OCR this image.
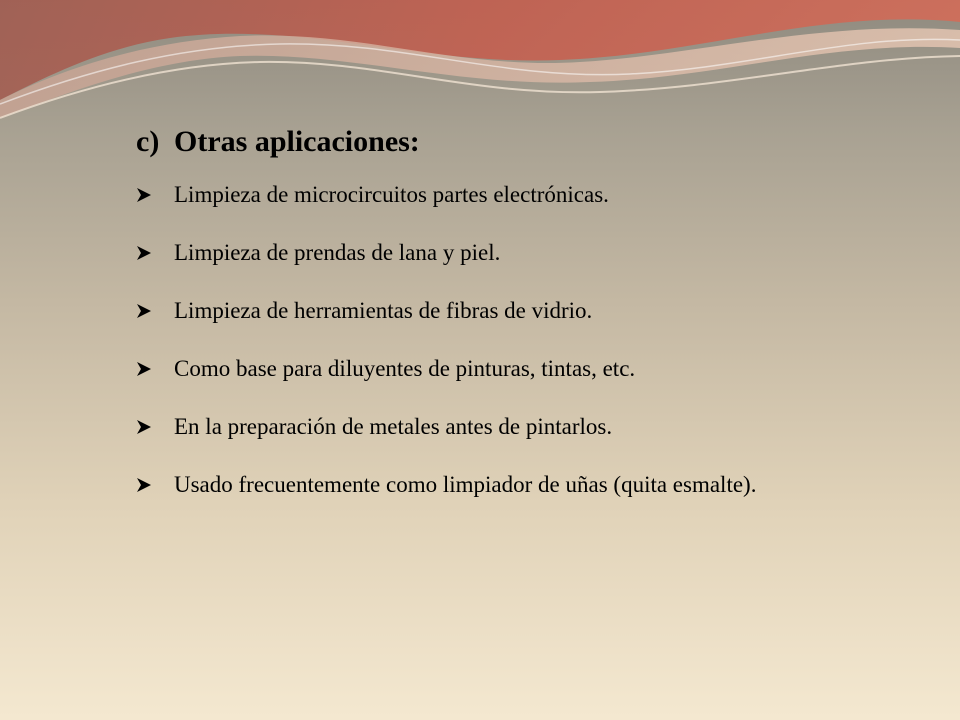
c) Otras aplicaciones:
Limpieza de microcircuitos partes electrónicas.
Limpieza de prendas de lana y piel.
Limpieza de herramientas de fibras de vidrio.
Como base para diluyentes de pinturas, tintas, etc.
En la preparación de metales antes de pintarlos.
Usado frecuentemente como limpiador de uñas (quita esmalte).
